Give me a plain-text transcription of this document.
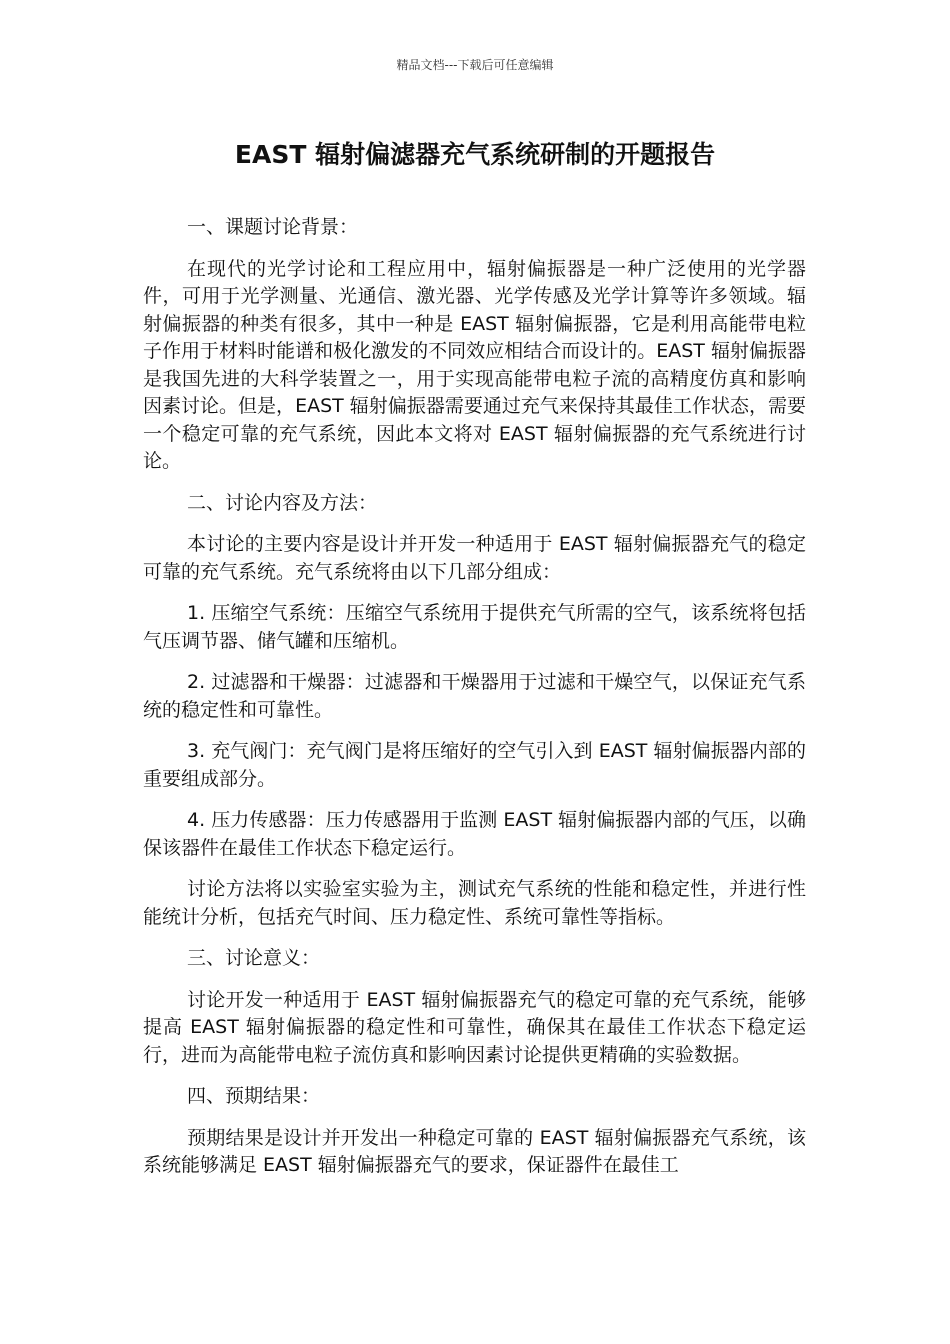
精品文档---下载后可任意编辑
EAST 辐射偏滤器充气系统研制的开题报告

一、课题讨论背景：

在现代的光学讨论和工程应用中，辐射偏振器是一种广泛使用的光学器件，可用于光学测量、光通信、激光器、光学传感及光学计算等许多领域。辐射偏振器的种类有很多，其中一种是 EAST 辐射偏振器，它是利用高能带电粒子作用于材料时能谱和极化激发的不同效应相结合而设计的。EAST 辐射偏振器是我国先进的大科学装置之一，用于实现高能带电粒子流的高精度仿真和影响因素讨论。但是，EAST 辐射偏振器需要通过充气来保持其最佳工作状态，需要一个稳定可靠的充气系统，因此本文将对 EAST 辐射偏振器的充气系统进行讨论。

二、讨论内容及方法：

本讨论的主要内容是设计并开发一种适用于 EAST 辐射偏振器充气的稳定可靠的充气系统。充气系统将由以下几部分组成：

1. 压缩空气系统：压缩空气系统用于提供充气所需的空气，该系统将包括气压调节器、储气罐和压缩机。

2. 过滤器和干燥器：过滤器和干燥器用于过滤和干燥空气，以保证充气系统的稳定性和可靠性。

3. 充气阀门：充气阀门是将压缩好的空气引入到 EAST 辐射偏振器内部的重要组成部分。

4. 压力传感器：压力传感器用于监测 EAST 辐射偏振器内部的气压，以确保该器件在最佳工作状态下稳定运行。

讨论方法将以实验室实验为主，测试充气系统的性能和稳定性，并进行性能统计分析，包括充气时间、压力稳定性、系统可靠性等指标。

三、讨论意义：

讨论开发一种适用于 EAST 辐射偏振器充气的稳定可靠的充气系统，能够提高 EAST 辐射偏振器的稳定性和可靠性，确保其在最佳工作状态下稳定运行，进而为高能带电粒子流仿真和影响因素讨论提供更精确的实验数据。

四、预期结果：

预期结果是设计并开发出一种稳定可靠的 EAST 辐射偏振器充气系统，该系统能够满足 EAST 辐射偏振器充气的要求，保证器件在最佳工
